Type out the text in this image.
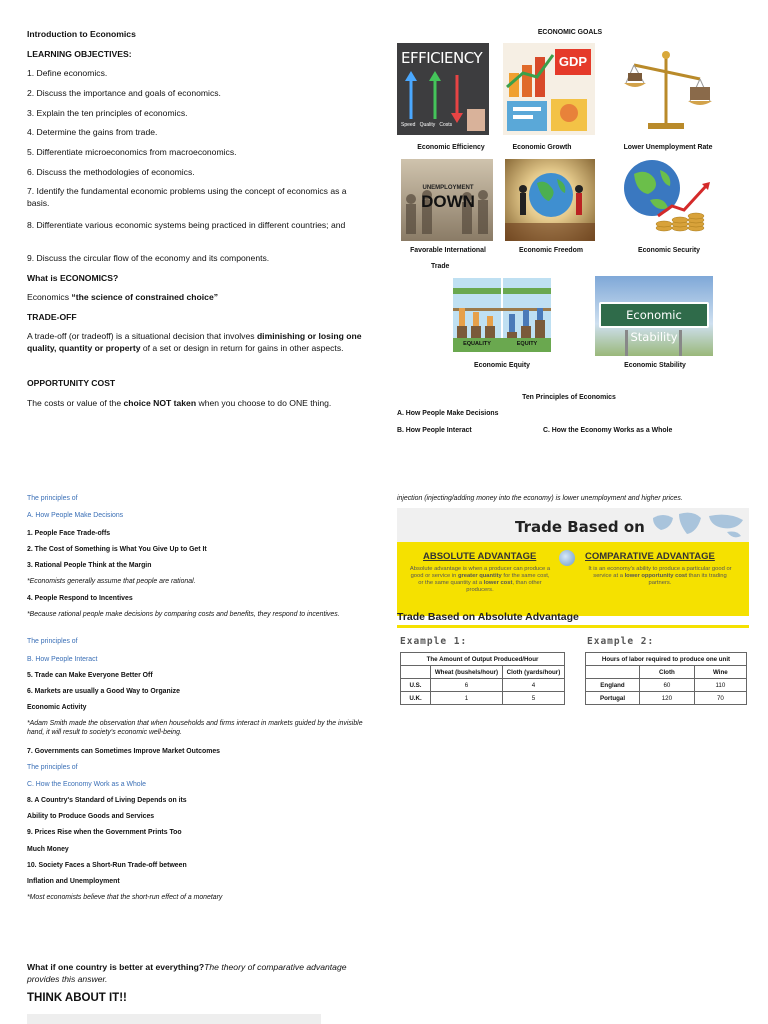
Introduction to Economics
LEARNING OBJECTIVES:
1. Define economics.
2. Discuss the importance and goals of economics.
3. Explain the ten principles of economics.
4. Determine the gains from trade.
5. Differentiate microeconomics from macroeconomics.
6. Discuss the methodologies of economics.
7. Identify the fundamental economic problems using the concept of economics as a basis.
8. Differentiate various economic systems being practiced in different countries; and
9. Discuss the circular flow of the economy and its components.
What is ECONOMICS?
Economics “the science of constrained choice”
TRADE-OFF
A trade-off (or tradeoff) is a situational decision that involves diminishing or losing one quality, quantity or property of a set or design in return for gains in other aspects.
OPPORTUNITY COST
The costs or value of the choice NOT taken when you choose to do ONE thing.
ECONOMIC GOALS
EFFICIENCY
Speed Quality Costs
Economic Efficiency
GDP
Economic Growth	Lower Unemployment Rate
UNEMPLOYMENT
DOWN
Favorable International
Trade
Economic Freedom	Economic Security
EQUALITY	EQUITY
Economic Equity
Economic Stability
Economic Stability
Ten Principles of Economics
A. How People Make Decisions
B. How People Interact	C. How the Economy Works as a Whole
The principles of
A. How People Make Decisions
1. People Face Trade-offs
2. The Cost of Something is What You Give Up to Get It
3. Rational People Think at the Margin
*Economists generally assume that people are rational.
4. People Respond to Incentives
*Because rational people make decisions by comparing costs and benefits, they respond to incentives.
The principles of
B. How People Interact
5. Trade can Make Everyone Better Off
6. Markets are usually a Good Way to Organize
Economic Activity
*Adam Smith made the observation that when households and firms interact in markets guided by the invisible hand, it will result to society's economic well-being.
7. Governments can Sometimes Improve Market Outcomes
The principles of
C. How the Economy Work as a Whole
8. A Country's Standard of Living Depends on its
Ability to Produce Goods and Services
9. Prices Rise when the Government Prints Too
Much Money
10. Society Faces a Short-Run Trade-off between
Inflation and Unemployment
*Most economists believe that the short-run effect of a monetary
injection (injecting/adding money into the economy) is lower unemployment and higher prices.
Trade Based on
ABSOLUTE ADVANTAGE
Absolute advantage is when a producer can produce a good or service in greater quantity for the same cost, or the same quantity at a lower cost, than other producers.
COMPARATIVE ADVANTAGE
It is an economy's ability to produce a particular good or service at a lower opportunity cost than its trading partners.
Trade Based on Absolute Advantage
Example 1:	Example 2:
The Amount of Output Produced/Hour		
	Wheat (bushels/hour)	Cloth (yards/hour)
U.S.	6	4
U.K.	1	5
Hours of labor required to produce one unit		
	Cloth	Wine
England	60	110
Portugal	120	70
What if one country is better at everything?The theory of comparative advantage provides this answer.
THINK ABOUT IT!!
